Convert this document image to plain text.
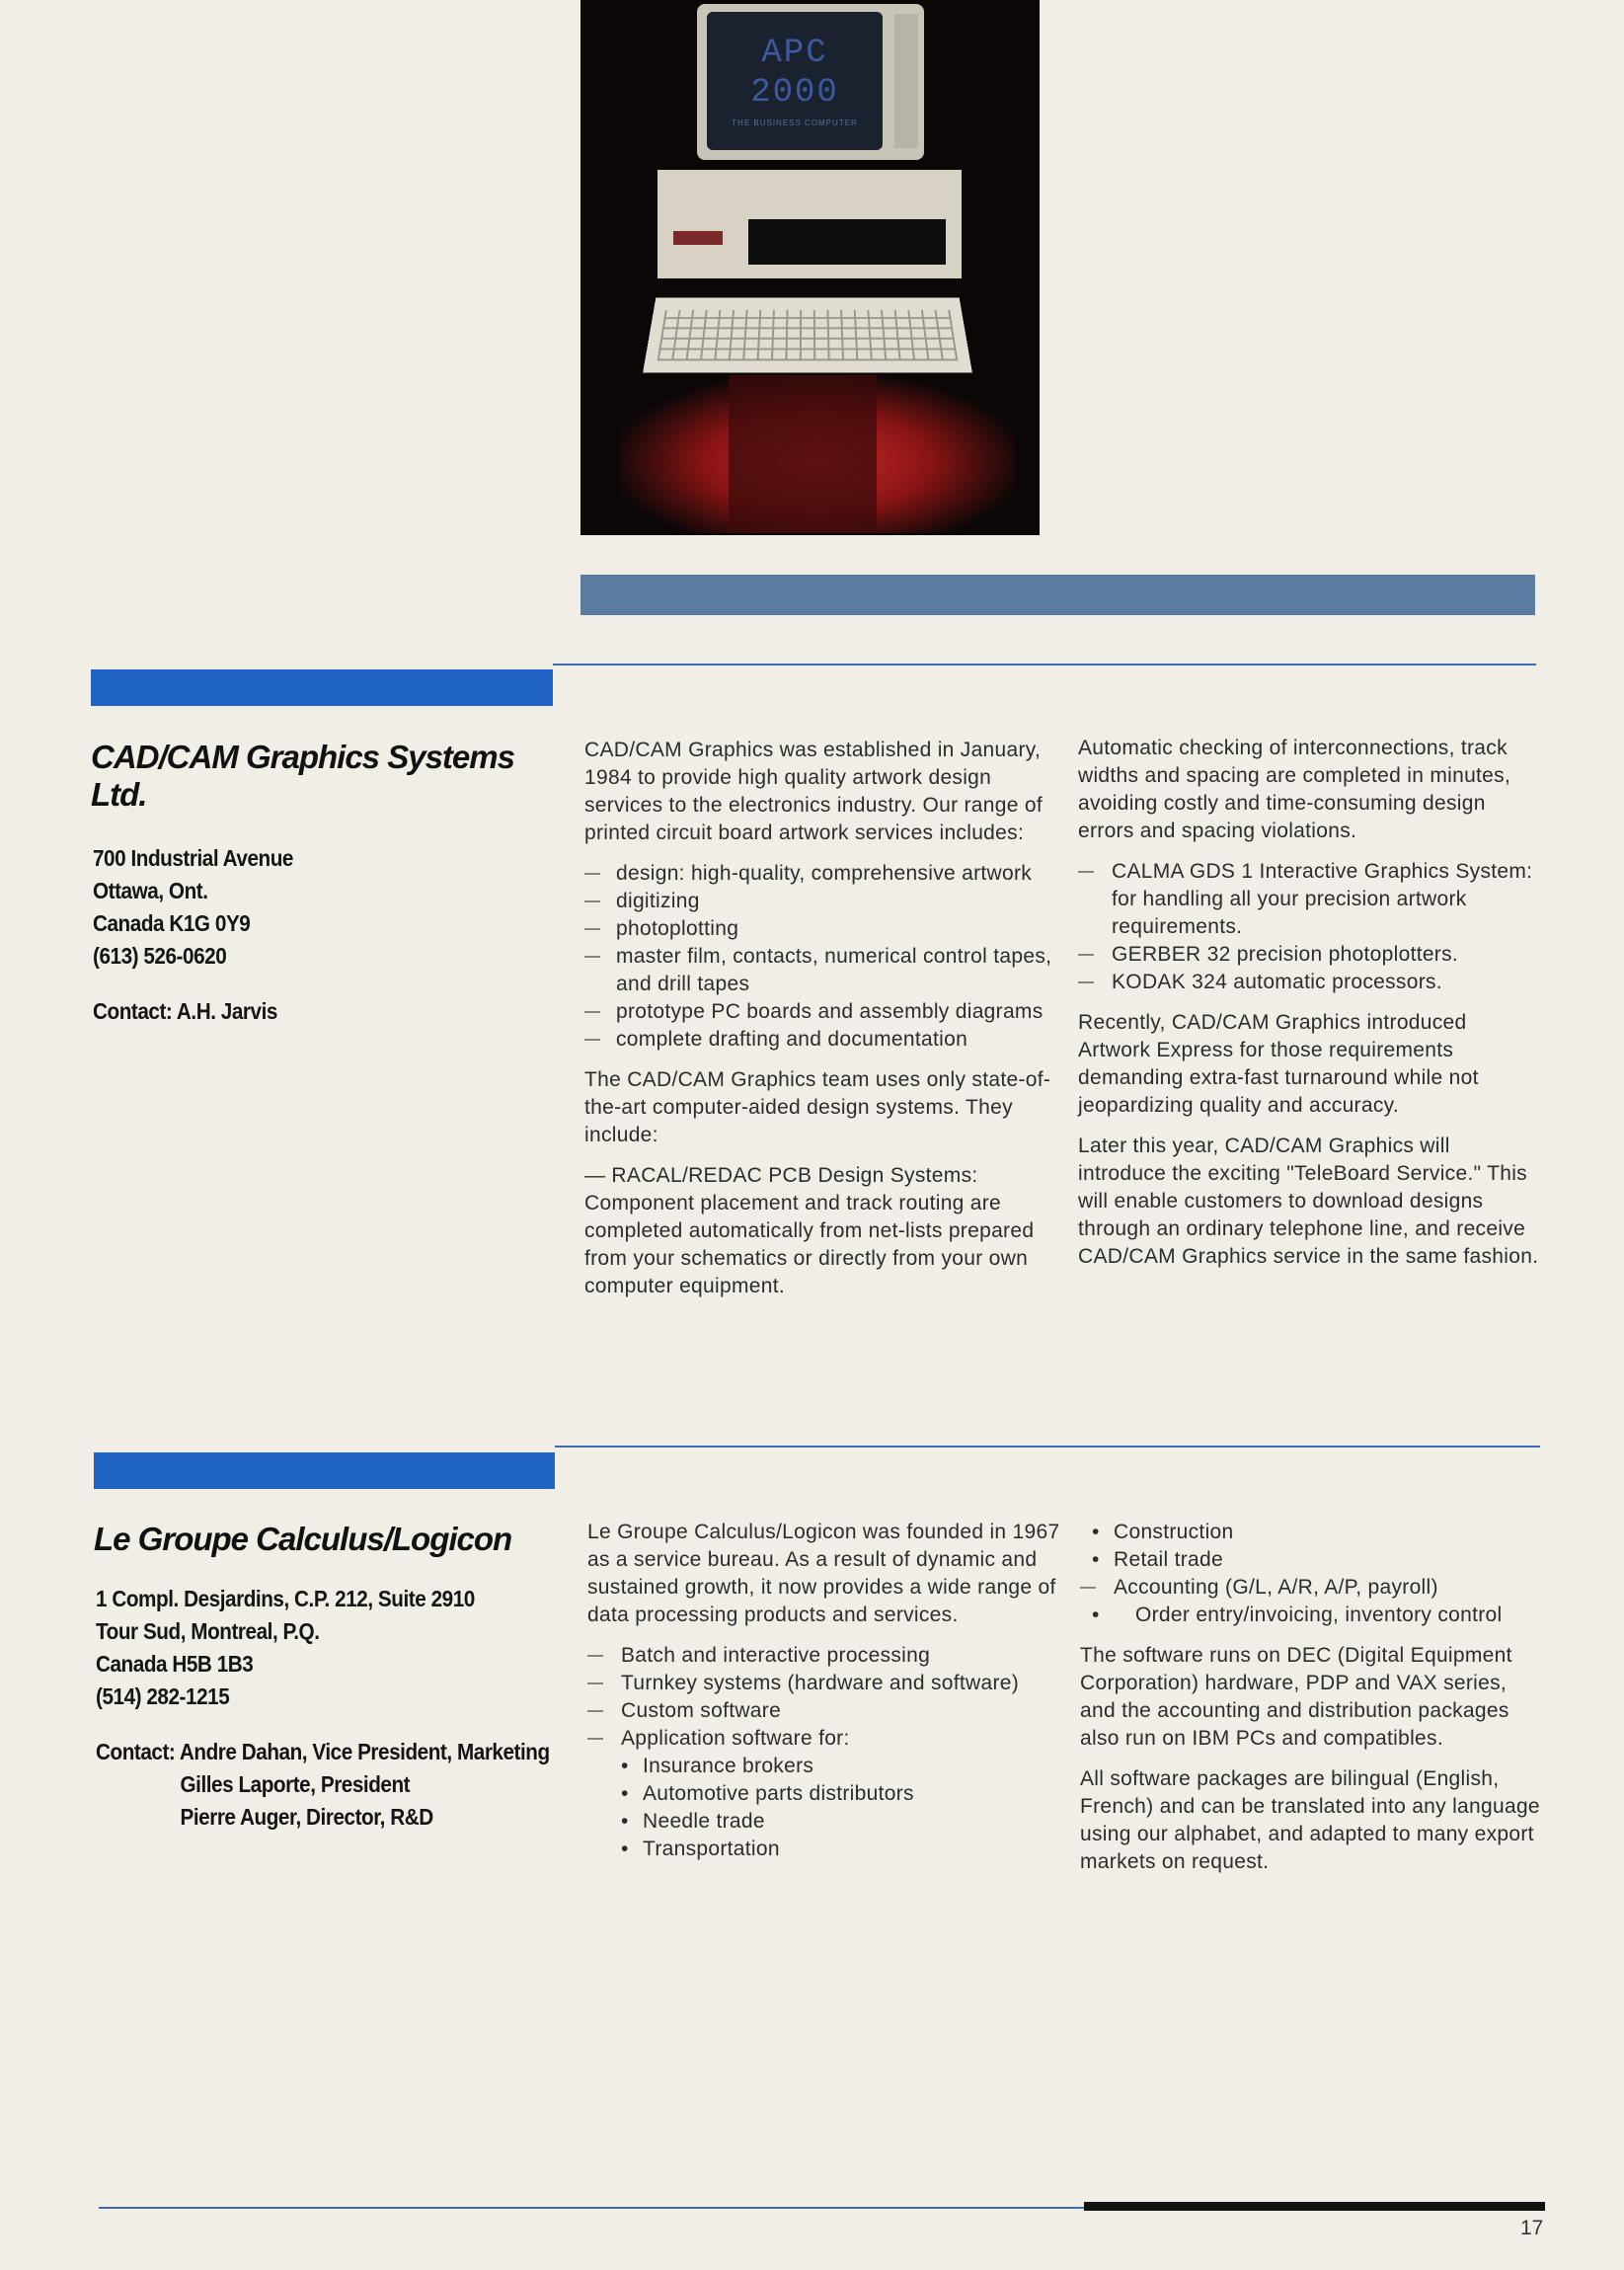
APC
2000
THE BUSINESS COMPUTER
CAD/CAM Graphics Systems Ltd.
700 Industrial Avenue
Ottawa, Ont.
Canada K1G 0Y9
(613) 526-0620
Contact: A.H. Jarvis

CAD/CAM Graphics was established in January, 1984 to provide high quality artwork design services to the electronics industry. Our range of printed circuit board artwork services includes:

— design: high-quality, comprehensive artwork
— digitizing
— photoplotting
— master film, contacts, numerical control tapes, and drill tapes
— prototype PC boards and assembly diagrams
— complete drafting and documentation

The CAD/CAM Graphics team uses only state-of-the-art computer-aided design systems. They include:

— RACAL/REDAC PCB Design Systems: Component placement and track routing are completed automatically from net-lists prepared from your schematics or directly from your own computer equipment.

Automatic checking of interconnections, track widths and spacing are completed in minutes, avoiding costly and time-consuming design errors and spacing violations.

— CALMA GDS 1 Interactive Graphics System: for handling all your precision artwork requirements.
— GERBER 32 precision photoplotters.
— KODAK 324 automatic processors.

Recently, CAD/CAM Graphics introduced Artwork Express for those requirements demanding extra-fast turnaround while not jeopardizing quality and accuracy.

Later this year, CAD/CAM Graphics will introduce the exciting "TeleBoard Service." This will enable customers to download designs through an ordinary telephone line, and receive CAD/CAM Graphics service in the same fashion.

Le Groupe Calculus/Logicon
1 Compl. Desjardins, C.P. 212, Suite 2910
Tour Sud, Montreal, P.Q.
Canada H5B 1B3
(514) 282-1215
Contact: Andre Dahan, Vice President, Marketing
Gilles Laporte, President
Pierre Auger, Director, R&D

Le Groupe Calculus/Logicon was founded in 1967 as a service bureau. As a result of dynamic and sustained growth, it now provides a wide range of data processing products and services.

— Batch and interactive processing
— Turnkey systems (hardware and software)
— Custom software
— Application software for:
• Insurance brokers
• Automotive parts distributors
• Needle trade
• Transportation
• Construction
• Retail trade
— Accounting (G/L, A/R, A/P, payroll)
• Order entry/invoicing, inventory control

The software runs on DEC (Digital Equipment Corporation) hardware, PDP and VAX series, and the accounting and distribution packages also run on IBM PCs and compatibles.

All software packages are bilingual (English, French) and can be translated into any language using our alphabet, and adapted to many export markets on request.

17
